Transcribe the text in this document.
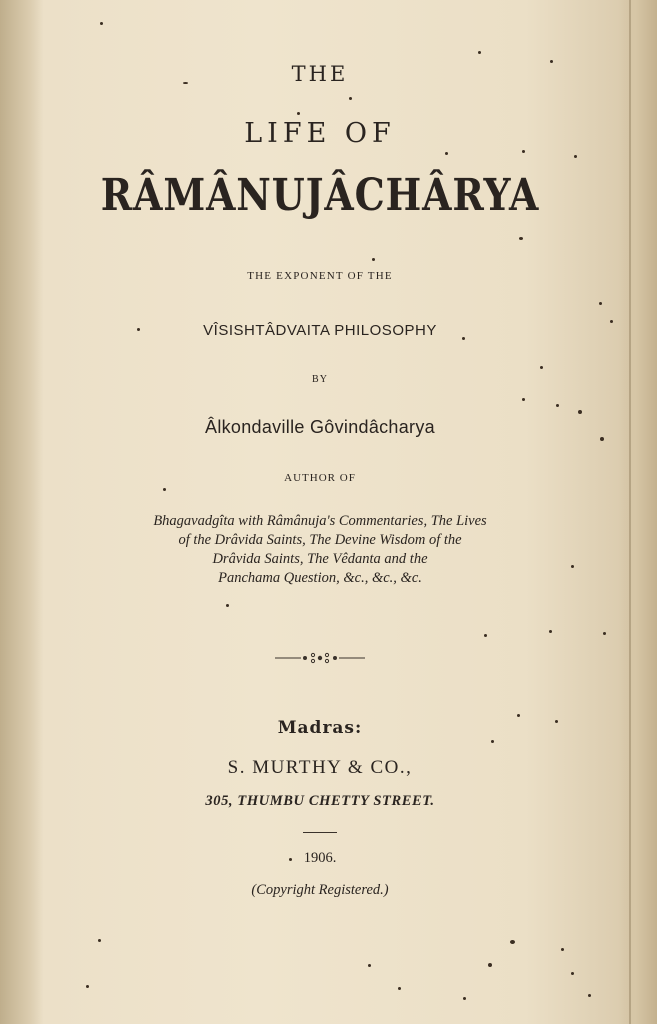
THE
LIFE OF
RÂMÂNUJÂCHÂRYA
THE EXPONENT OF THE
VÎSISHTÂDVAITA PHILOSOPHY
BY
Âlkondaville Gôvindâcharya
AUTHOR OF
Bhagavadgîta with Râmânuja's Commentaries, The Lives
of the Drâvida Saints, The Devine Wisdom of the
Drâvida Saints, The Vêdanta and the
Panchama Question, &c., &c., &c.
Madras:
S. MURTHY & CO.,
305, THUMBU CHETTY STREET.
1906.
(Copyright Registered.)
